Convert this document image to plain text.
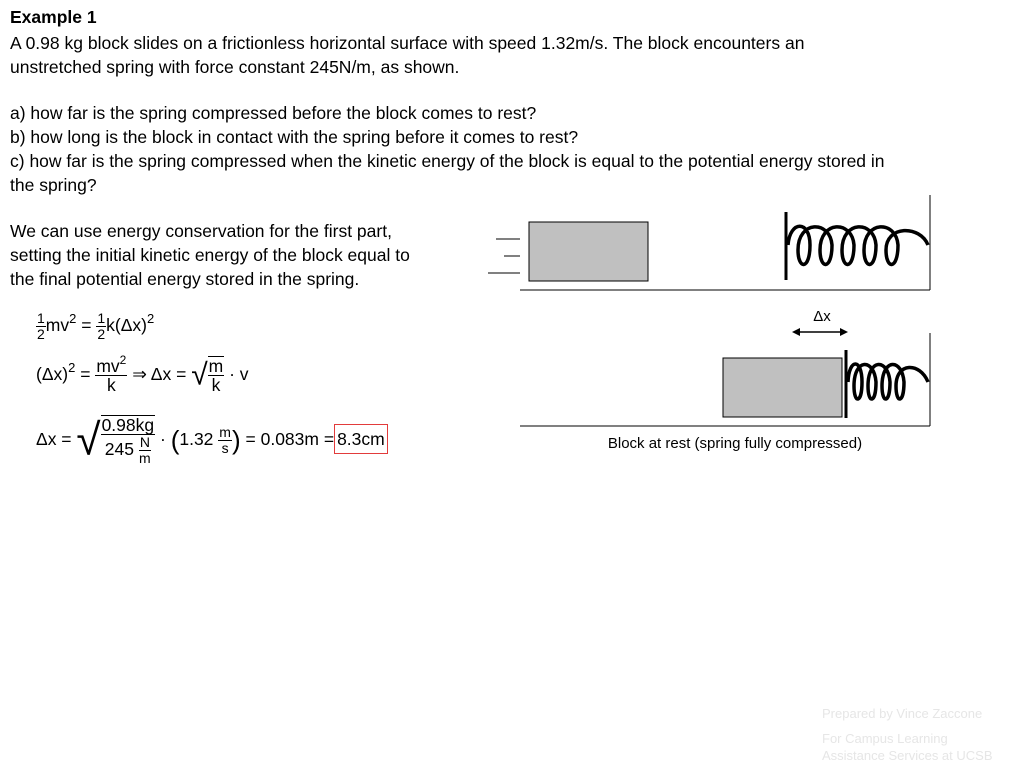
Example 1
A 0.98 kg block slides on a frictionless horizontal surface with speed 1.32m/s. The block encounters an
unstretched spring with force constant 245N/m, as shown.
a) how far is the spring compressed before the block comes to rest?
b) how long is the block in contact with the spring before it comes to rest?
c) how far is the spring compressed when the kinetic energy of the block is equal to the potential energy stored in
the spring?
We can use energy conservation for the first part,
setting the initial kinetic energy of the block equal to
the final potential energy stored in the spring.
$\frac{1}{2} mv^2 = \frac{1}{2} k(\Delta x)^2$
$(\Delta x)^2 = \frac{mv^2}{k}$ ⇒ Δx = √ $\frac{m}{k} \cdot v$
Δx = √ $\frac{0.98kg}{245 \frac{N}{m}} \cdot (1.32 \frac{m}{s}$ ) = 0.083m = 8.3cm
Δx
Block at rest (spring fully compressed)
Prepared by Vince Zaccone
For Campus Learning
Assistance Services at UCSB
